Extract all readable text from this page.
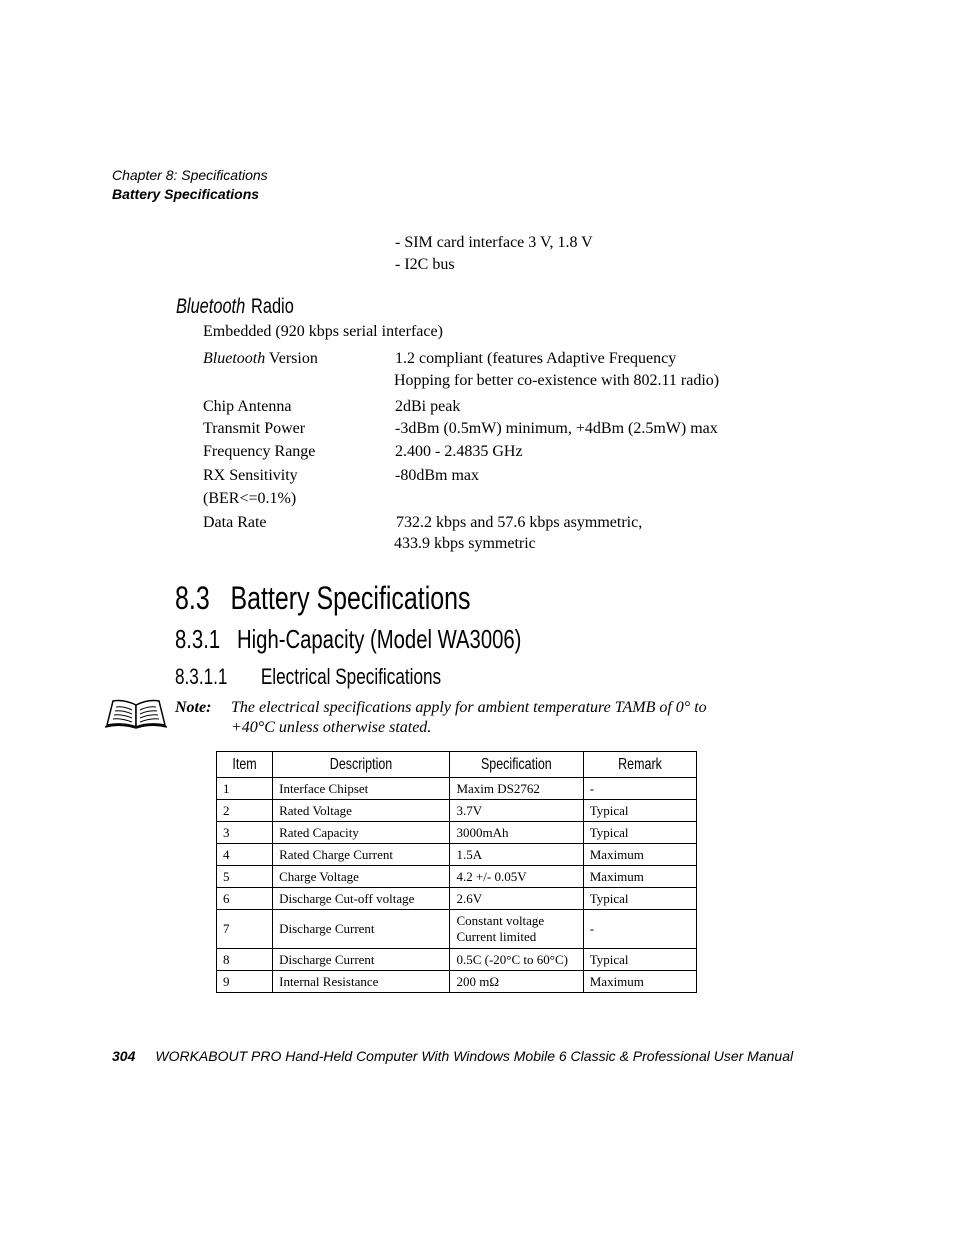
Chapter 8: Specifications
Battery Specifications
- SIM card interface 3 V, 1.8 V
- I2C bus
BluetoothRadio
Embedded (920 kbps serial interface)
Bluetooth Version	1.2 compliant (features Adaptive Frequency
Hopping for better co-existence with 802.11 radio)
Chip Antenna	2dBi peak
Transmit Power	-3dBm (0.5mW) minimum, +4dBm (2.5mW) max
Frequency Range	2.400 - 2.4835 GHz
RX Sensitivity	-80dBm max
(BER<=0.1%)
Data Rate	732.2 kbps and 57.6 kbps asymmetric,
433.9 kbps symmetric
8.3   Battery Specifications
8.3.1   High-Capacity (Model WA3006)
8.3.1.1       Electrical Specifications
Note: The electrical specifications apply for ambient temperature TAMB of 0° to
+40°C unless otherwise stated.
Item	Description	Specification	Remark
1	Interface Chipset	Maxim DS2762	-
2	Rated Voltage	3.7V	Typical
3	Rated Capacity	3000mAh	Typical
4	Rated Charge Current	1.5A	Maximum
5	Charge Voltage	4.2 +/- 0.05V	Maximum
6	Discharge Cut-off voltage	2.6V	Typical
7	Discharge Current	Constant voltage
Current limited	-
8	Discharge Current	0.5C (-20°C to 60°C)	Typical
9	Internal Resistance	200 mΩ	Maximum
304 WORKABOUT PRO Hand-Held Computer With Windows Mobile 6 Classic & Professional User Manual
